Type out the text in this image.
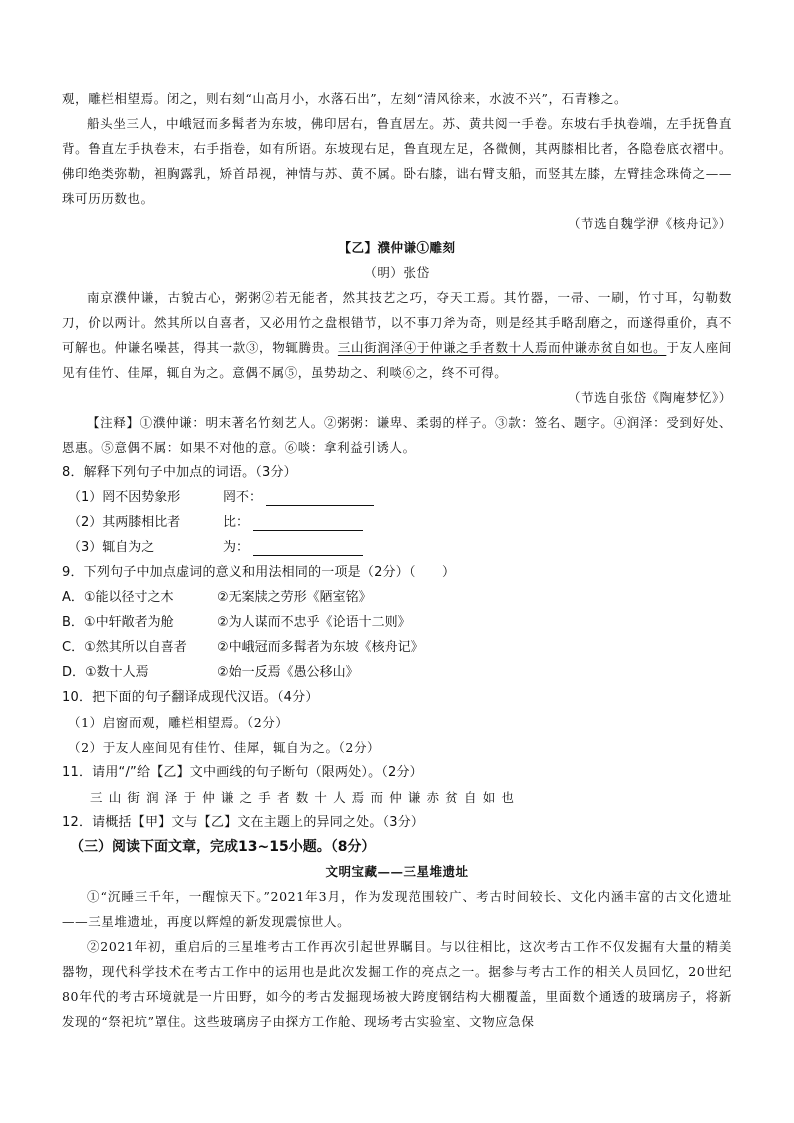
观，雕栏相望焉。闭之，则右刻“山高月小，水落石出”，左刻“清风徐来，水波不兴”，石青糁之。

船头坐三人，中峨冠而多髯者为东坡，佛印居右，鲁直居左。苏、黄共阅一手卷。东坡右手执卷端，左手抚鲁直背。鲁直左手执卷末，右手指卷，如有所语。东坡现右足，鲁直现左足，各微侧，其两膝相比者，各隐卷底衣褶中。佛印绝类弥勒，袒胸露乳，矫首昂视，神情与苏、黄不属。卧右膝，诎右臂支船，而竖其左膝，左臂挂念珠倚之——珠可历历数也。

（节选自魏学洢《核舟记》）

【乙】濮仲谦①雕刻

（明）张岱

南京濮仲谦，古貌古心，粥粥②若无能者，然其技艺之巧，夺天工焉。其竹器，一帚、一刷，竹寸耳，勾勒数刀，价以两计。然其所以自喜者，又必用竹之盘根错节，以不事刀斧为奇，则是经其手略刮磨之，而遂得重价，真不可解也。仲谦名噪甚，得其一款③，物辄腾贵。三山街润泽④于仲谦之手者数十人焉而仲谦赤贫自如也。于友人座间见有佳竹、佳犀，辄自为之。意偶不属⑤，虽势劫之、利啖⑥之，终不可得。

（节选自张岱《陶庵梦忆》）

【注释】①濮仲谦：明末著名竹刻艺人。②粥粥：谦卑、柔弱的样子。③款：签名、题字。④润泽：受到好处、恩惠。⑤意偶不属：如果不对他的意。⑥啖：拿利益引诱人。

8．解释下列句子中加点的词语。（3分）

（1）罔不因势象形	罔不：
（2）其两膝相比者	比：
（3）辄自为之	为：

9．下列句子中加点虚词的意义和用法相同的一项是（2分）（　　）

A．①能以径寸之木	②无案牍之劳形《陋室铭》
B．①中轩敞者为舱	②为人谋而不忠乎《论语十二则》
C．①然其所以自喜者	②中峨冠而多髯者为东坡《核舟记》
D．①数十人焉	②始一反焉《愚公移山》

10．把下面的句子翻译成现代汉语。（4分）

（1）启窗而观，雕栏相望焉。（2分）

（2）于友人座间见有佳竹、佳犀，辄自为之。（2分）

11．请用“/”给【乙】文中画线的句子断句（限两处）。（2分）

三山街润泽于仲谦之手者数十人焉而仲谦赤贫自如也

12．请概括【甲】文与【乙】文在主题上的异同之处。（3分）

（三）阅读下面文章，完成13~15小题。（8分）

文明宝藏——三星堆遗址

①“沉睡三千年，一醒惊天下。”2021年3月，作为发现范围较广、考古时间较长、文化内涵丰富的古文化遗址——三星堆遗址，再度以辉煌的新发现震惊世人。

②2021年初，重启后的三星堆考古工作再次引起世界瞩目。与以往相比，这次考古工作不仅发掘有大量的精美器物，现代科学技术在考古工作中的运用也是此次发掘工作的亮点之一。据参与考古工作的相关人员回忆，20世纪80年代的考古环境就是一片田野，如今的考古发掘现场被大跨度钢结构大棚覆盖，里面数个通透的玻璃房子，将新发现的“祭祀坑”罩住。这些玻璃房子由探方工作舱、现场考古实验室、文物应急保
